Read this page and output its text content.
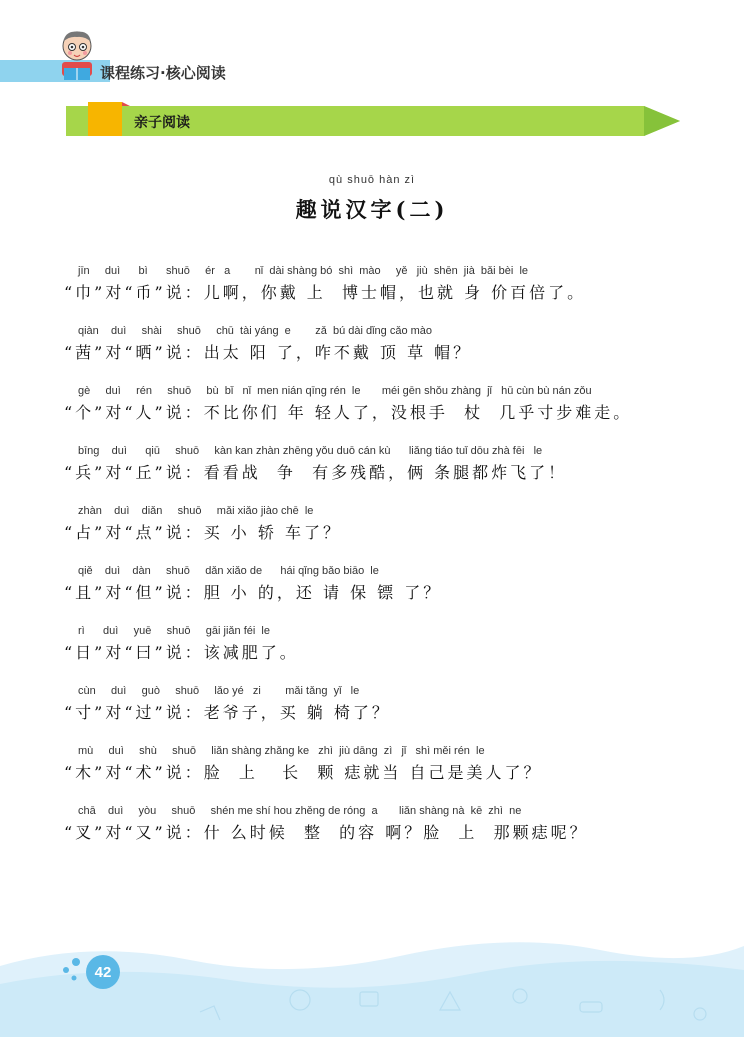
课程练习·核心阅读
亲子阅读
qù shuō hàn zì
趣说汉字(二)
jīn     duì      bì      shuō     ér   a        nǐ  dài shàng bó  shì  mào     yě   jiù  shēn  jià  bǎi bèi  le
“巾”对“币”说：儿啊，你戴 上  博士帽，也就 身 价百倍了。
qiàn    duì     shài     shuō     chū  tài yáng  e        zǎ  bú dài dǐng cǎo mào
“茜”对“晒”说：出太 阳 了，咋不戴 顶 草 帽？
gè     duì     rén     shuō     bù  bǐ   nǐ  men nián qīng rén  le       méi gēn shǒu zhàng  jǐ   hū cùn bù nán zǒu
“个”对“人”说：不比你们 年 轻人了，没根手  杖  几乎寸步难走。
bīng    duì      qiū     shuō     kàn kan zhàn zhēng yǒu duō cán kù      liǎng tiáo tuǐ dōu zhà fēi   le
“兵”对“丘”说：看看战  争  有多残酷，俩 条腿都炸飞了！
zhàn    duì    diǎn     shuō     mǎi xiǎo jiào chē  le
“占”对“点”说：买 小 轿 车了？
qiě    duì    dàn     shuō     dǎn xiǎo de      hái qǐng bǎo biāo  le
“且”对“但”说：胆 小 的，还 请 保 镖 了？
rì      duì     yuē     shuō     gāi jiǎn féi  le
“日”对“曰”说：该减肥了。
cùn     duì     guò     shuō     lǎo yé   zi        mǎi tǎng  yǐ   le
“寸”对“过”说：老爷子，买 躺 椅了？
mù     duì     shù     shuō     liǎn shàng zhǎng ke   zhì  jiù dāng  zì   jǐ   shì měi rén  le
“木”对“术”说：脸  上   长  颗 痣就当 自己是美人了？
chā    duì     yòu     shuō     shén me shí hou zhěng de róng  a       liǎn shàng nà  kē  zhì  ne
“叉”对“又”说：什 么时候  整  的容 啊？脸  上  那颗痣呢？
42
